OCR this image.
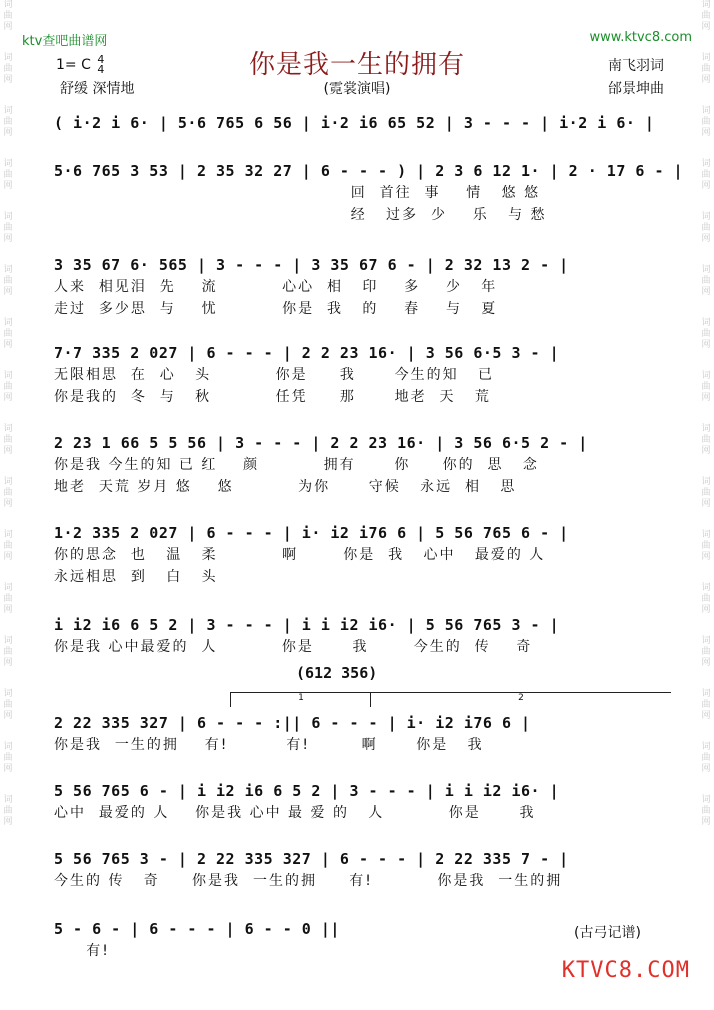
词曲网
词曲网
词曲网
词曲网
词曲网
词曲网
词曲网
词曲网
词曲网
词曲网
词曲网
词曲网
词曲网
词曲网
词曲网
词曲网
词曲网
词曲网
词曲网
词曲网
词曲网
词曲网
词曲网
词曲网
词曲网
词曲网
词曲网
词曲网
词曲网
词曲网
词曲网
词曲网
ktv查吧曲谱网	www.ktvc8.com
你是我一生的拥有
(霓裳演唱)
1= C 4
4
舒缓 深情地
南飞羽词
邰景坤曲
( i·2 i 6· | 5·6 765 6 56 | i·2 i6 65 52 | 3 - - - | i·2 i 6· |
5·6 765 3 53 | 2 35 32 27 | 6 - - - ) | 2 3 6 12 1· | 2 · 17 6 - |
回  首往  事    情   悠 悠
经   过多  少    乐   与 愁
3 35 67 6· 565 | 3 - - - | 3 35 67 6 - | 2 32 13 2 - |
人来  相见泪  先    流          心心  相   印    多    少   年
走过  多少思  与    忧          你是  我   的    春    与   夏
7·7 335 2 027 | 6 - - - | 2 2 23 16· | 3 56 6·5 3 - |
无限相思  在  心   头          你是     我      今生的知   已
你是我的  冬  与   秋          任凭     那      地老  天   荒
2 23 1 66 5 5 56 | 3 - - - | 2 2 23 16· | 3 56 6·5 2 - |
你是我 今生的知 已 红    颜          拥有      你     你的  思   念
地老  天荒 岁月 悠    悠          为你      守候   永远  相   思
1·2 335 2 027 | 6 - - - | i· i2 i76 6 | 5 56 765 6 - |
你的思念  也   温   柔          啊       你是  我   心中   最爱的 人
永远相思  到   白   头
i i2 i6 6 5 2 | 3 - - - | i i i2 i6· | 5 56 765 3 - |
你是我 心中最爱的  人          你是      我       今生的  传    奇
(612 356)
1	2
2 22 335 327 | 6 - - - :|| 6 - - - | i· i2 i76 6 |
你是我  一生的拥    有!         有!        啊      你是   我
5 56 765 6 - | i i2 i6 6 5 2 | 3 - - - | i i i2 i6· |
心中  最爱的 人    你是我 心中 最 爱 的   人          你是      我
5 56 765 3 - | 2 22 335 327 | 6 - - - | 2 22 335 7 - |
今生的 传   奇     你是我  一生的拥     有!          你是我  一生的拥
5 - 6 - | 6 - - - | 6 - - 0 ||
有!
(古弓记谱)
KTVC8.COM
